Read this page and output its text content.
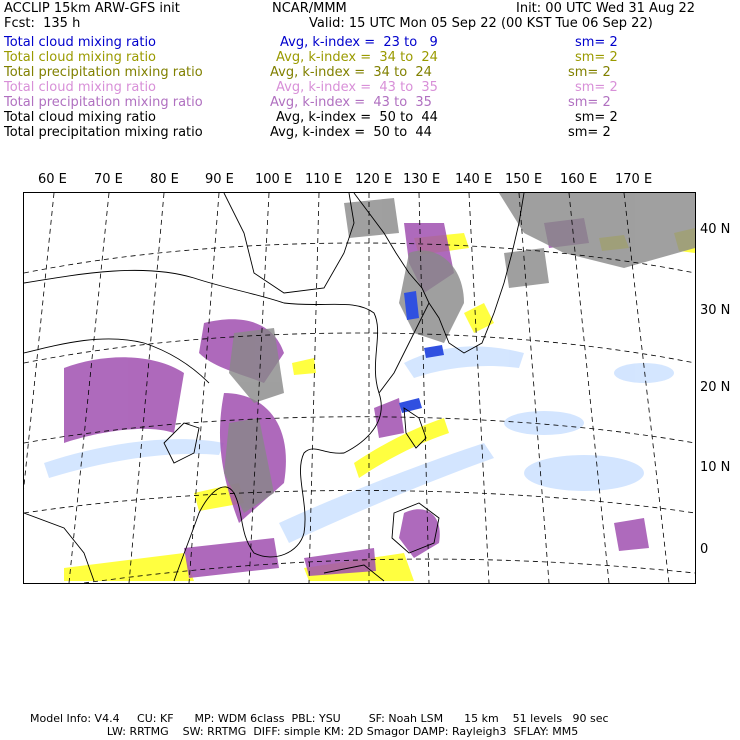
ACCLIP 15km ARW-GFS init	NCAR/MMM	Init: 00 UTC Wed 31 Aug 22
Fcst:  135 h	Valid: 15 UTC Mon 05 Sep 22 (00 KST Tue 06 Sep 22)
Total cloud mixing ratio	Avg, k-index =  23 to   9	sm= 2
Total cloud mixing ratio	Avg, k-index =  34 to  24	sm= 2
Total precipitation mixing ratio	Avg, k-index =  34 to  24	sm= 2
Total cloud mixing ratio	Avg, k-index =  43 to  35	sm= 2
Total precipitation mixing ratio	Avg, k-index =  43 to  35	sm= 2
Total cloud mixing ratio	Avg, k-index =  50 to  44	sm= 2
Total precipitation mixing ratio	Avg, k-index =  50 to  44	sm= 2
60 E 70 E 80 E 90 E 100 E 110 E 120 E 130 E 140 E 150 E 160 E 170 E
40 N
30 N
20 N
10 N
0
Model Info: V4.4     CU: KF      MP: WDM 6class  PBL: YSU        SF: Noah LSM      15 km    51 levels   90 sec
LW: RRTMG    SW: RRTMG  DIFF: simple KM: 2D Smagor DAMP: Rayleigh3  SFLAY: MM5
